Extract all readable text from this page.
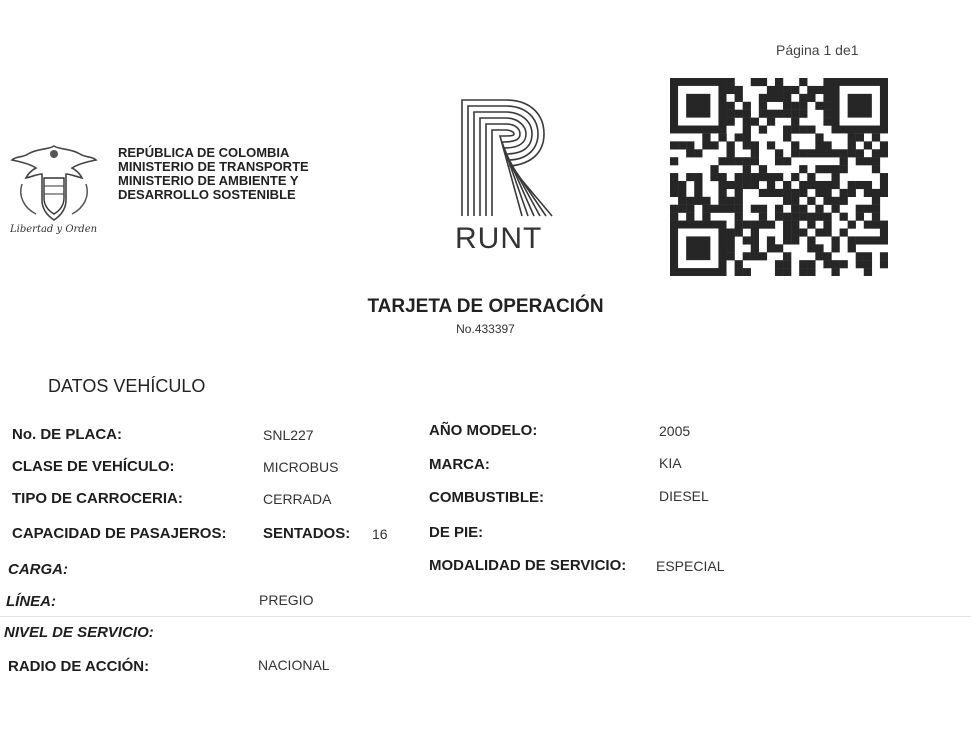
Página 1 de1
Libertad y Orden
REPÚBLICA DE COLOMBIA
MINISTERIO DE TRANSPORTE
MINISTERIO DE AMBIENTE Y
DESARROLLO SOSTENIBLE
RUNT
TARJETA DE OPERACIÓN
No.433397
DATOS VEHÍCULO
No. DE PLACA:	SNL227
CLASE DE VEHÍCULO:	MICROBUS
TIPO DE CARROCERIA:	CERRADA
CAPACIDAD DE PASAJEROS: SENTADOS: 16
CARGA:
LÍNEA:	PREGIO
NIVEL DE SERVICIO:
RADIO DE ACCIÓN:	NACIONAL
AÑO MODELO:	2005
MARCA:	KIA
COMBUSTIBLE:	DIESEL
DE PIE:
MODALIDAD DE SERVICIO: ESPECIAL
